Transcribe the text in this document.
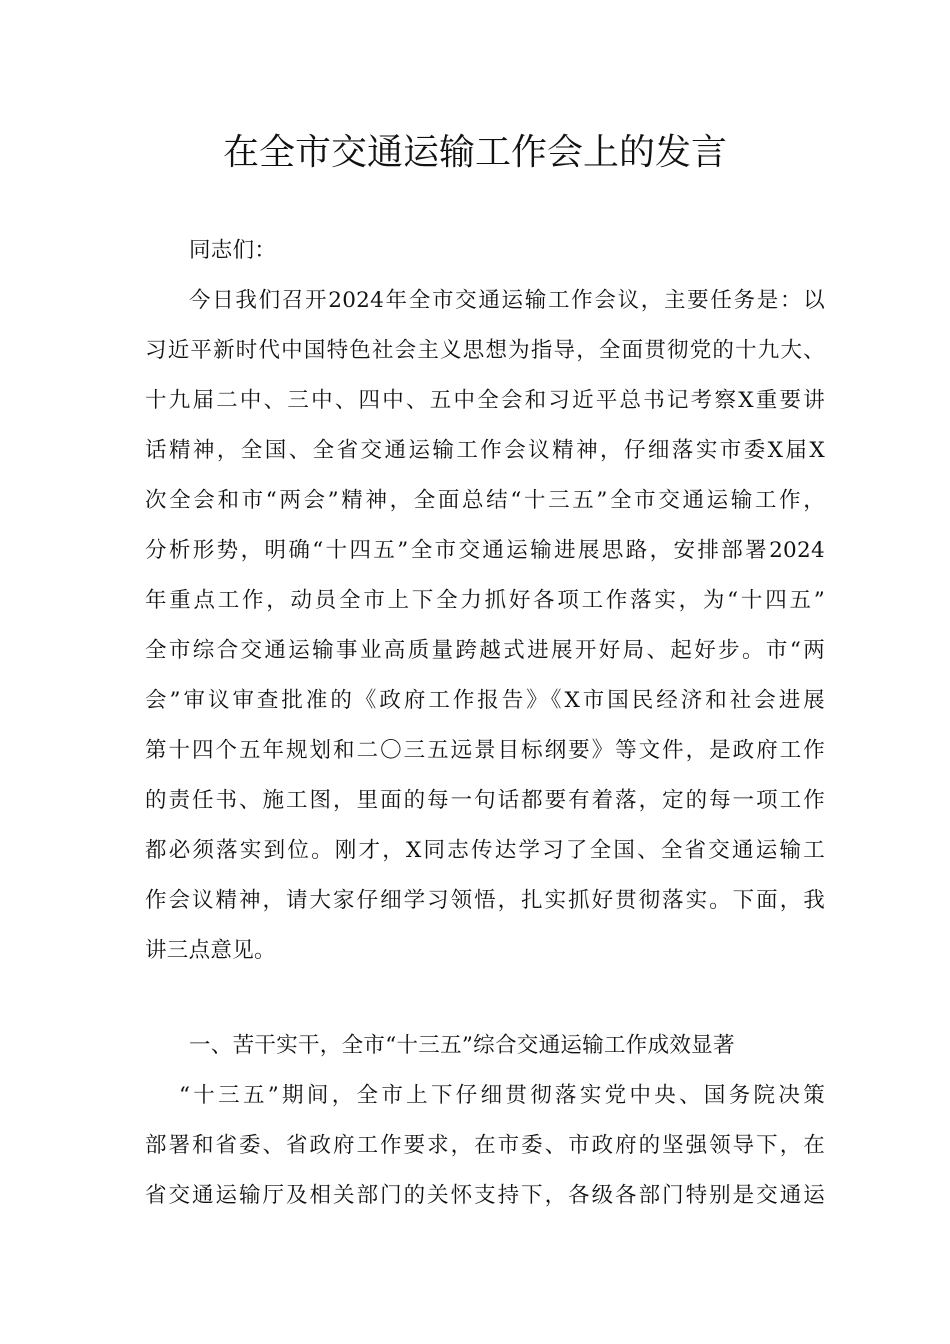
在全市交通运输工作会上的发言
同志们：
今日我们召开2024年全市交通运输工作会议，主要任务是：以
习近平新时代中国特色社会主义思想为指导，全面贯彻党的十九大、
十九届二中、三中、四中、五中全会和习近平总书记考察X重要讲
话精神，全国、全省交通运输工作会议精神，仔细落实市委X届X
次全会和市“两会”精神，全面总结“十三五”全市交通运输工作，
分析形势，明确“十四五”全市交通运输进展思路，安排部署2024
年重点工作，动员全市上下全力抓好各项工作落实，为“十四五”
全市综合交通运输事业高质量跨越式进展开好局、起好步。市“两
会”审议审查批准的《政府工作报告》《X市国民经济和社会进展
第十四个五年规划和二〇三五远景目标纲要》等文件，是政府工作
的责任书、施工图，里面的每一句话都要有着落，定的每一项工作
都必须落实到位。刚才，X同志传达学习了全国、全省交通运输工
作会议精神，请大家仔细学习领悟，扎实抓好贯彻落实。下面，我
讲三点意见。
一、苦干实干，全市“十三五”综合交通运输工作成效显著
“十三五”期间，全市上下仔细贯彻落实党中央、国务院决策
部署和省委、省政府工作要求，在市委、市政府的坚强领导下，在
省交通运输厅及相关部门的关怀支持下，各级各部门特别是交通运
